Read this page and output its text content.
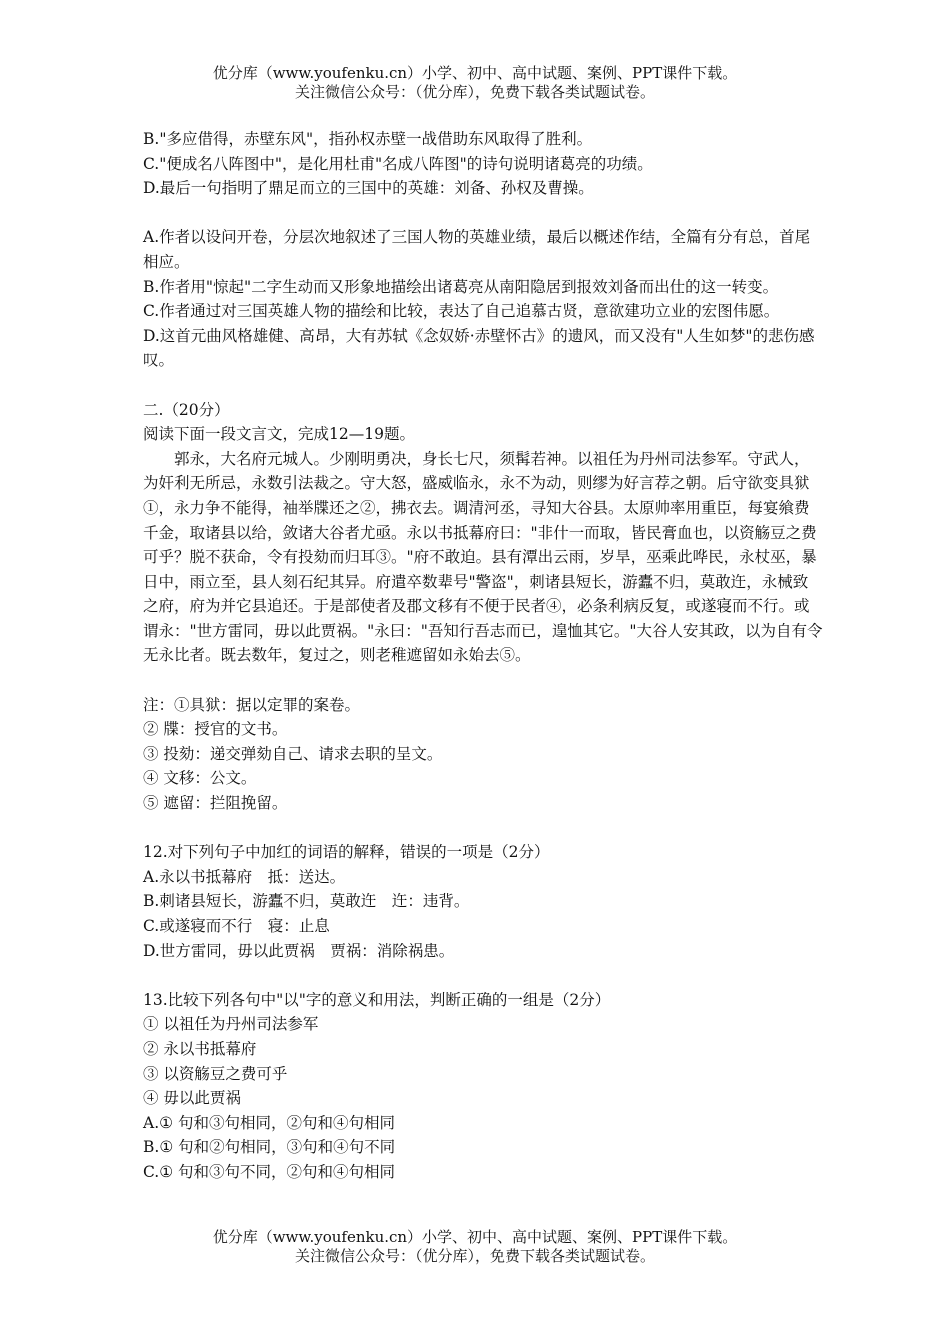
优分库（www.youfenku.cn）小学、初中、高中试题、案例、PPT课件下载。
关注微信公众号：（优分库），免费下载各类试题试卷。

B."多应借得，赤壁东风"，指孙权赤壁一战借助东风取得了胜利。

C."便成名八阵图中"，是化用杜甫"名成八阵图"的诗句说明诸葛亮的功绩。

D.最后一句指明了鼎足而立的三国中的英雄：刘备、孙权及曹操。

A.作者以设问开卷，分层次地叙述了三国人物的英雄业绩，最后以概述作结，全篇有分有总，首尾相应。

B.作者用"惊起"二字生动而又形象地描绘出诸葛亮从南阳隐居到报效刘备而出仕的这一转变。

C.作者通过对三国英雄人物的描绘和比较，表达了自己追慕古贤，意欲建功立业的宏图伟愿。

D.这首元曲风格雄健、高昂，大有苏轼《念奴娇·赤壁怀古》的遗风，而又没有"人生如梦"的悲伤感叹。

二.（20分）

阅读下面一段文言文，完成12—19题。

郭永，大名府元城人。少刚明勇决，身长七尺，须髯若神。以祖任为丹州司法参军。守武人，为奸利无所忌，永数引法裁之。守大怒，盛威临永，永不为动，则缪为好言荐之朝。后守欲变具狱①，永力争不能得，袖举牒还之②，拂衣去。调清河丞，寻知大谷县。太原帅率用重臣，每宴飨费千金，取诸县以给，敛诸大谷者尤亟。永以书抵幕府曰："非什一而取，皆民膏血也，以资觞豆之费可乎？脱不获命，令有投劾而归耳③。"府不敢迫。县有潭出云雨，岁旱，巫乘此哗民，永杖巫，暴日中，雨立至，县人刻石纪其异。府遣卒数辈号"警盗"，刺诸县短长，游蠹不归，莫敢迕，永械致之府，府为并它县追还。于是部使者及郡文移有不便于民者④，必条利病反复，或遂寝而不行。或谓永："世方雷同，毋以此贾祸。"永曰："吾知行吾志而已，遑恤其它。"大谷人安其政，以为自有令无永比者。既去数年，复过之，则老稚遮留如永始去⑤。

注：①具狱：据以定罪的案卷。

② 牒：授官的文书。

③ 投劾：递交弹劾自己、请求去职的呈文。

④ 文移：公文。

⑤ 遮留：拦阻挽留。

12.对下列句子中加红的词语的解释，错误的一项是（2分）

A.永以书抵幕府　抵：送达。

B.刺诸县短长，游蠹不归，莫敢迕　迕：违背。

C.或遂寝而不行　寝：止息

D.世方雷同，毋以此贾祸　贾祸：消除祸患。

13.比较下列各句中"以"字的意义和用法，判断正确的一组是（2分）

① 以祖任为丹州司法参军

② 永以书抵幕府

③ 以资觞豆之费可乎

④ 毋以此贾祸

A.① 句和③句相同，②句和④句相同

B.① 句和②句相同，③句和④句不同

C.① 句和③句不同，②句和④句相同

优分库（www.youfenku.cn）小学、初中、高中试题、案例、PPT课件下载。
关注微信公众号：（优分库），免费下载各类试题试卷。
